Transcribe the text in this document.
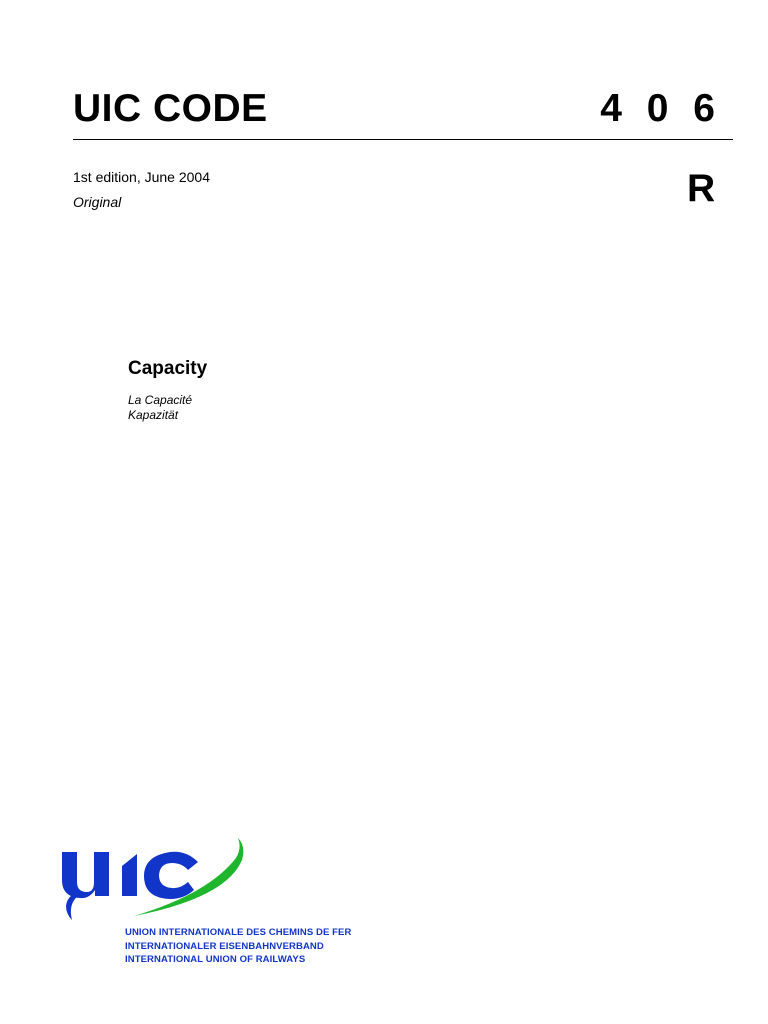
UIC CODE	4 0 6
1st edition, June 2004
Original	R
Capacity
La Capacité
Kapazität
UNION INTERNATIONALE DES CHEMINS DE FER
INTERNATIONALER EISENBAHNVERBAND
INTERNATIONAL UNION OF RAILWAYS
